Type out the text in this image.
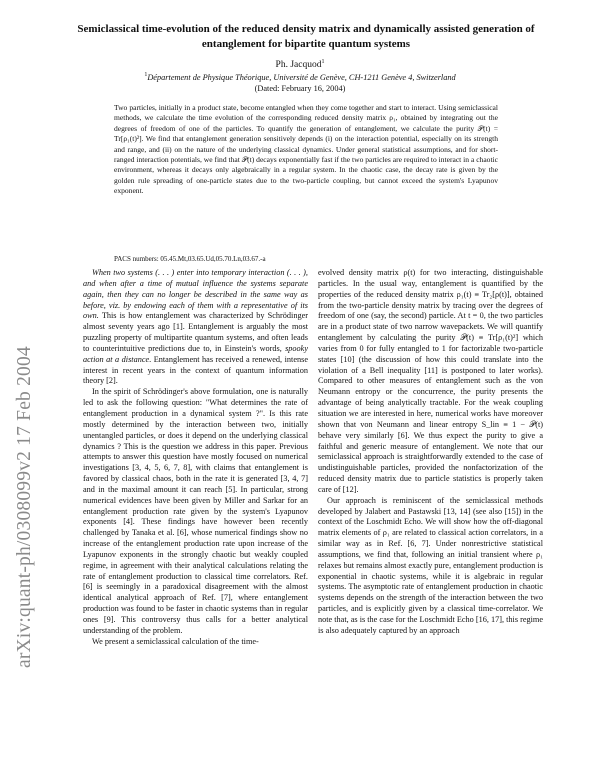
arXiv:quant-ph/0308099v2 17 Feb 2004
Semiclassical time-evolution of the reduced density matrix and dynamically assisted generation of entanglement for bipartite quantum systems
Ph. Jacquod$^1$
$^1$Département de Physique Théorique, Université de Genève, CH-1211 Genève 4, Switzerland
(Dated: February 16, 2004)
Two particles, initially in a product state, become entangled when they come together and start to interact. Using semiclassical methods, we calculate the time evolution of the corresponding reduced density matrix ρ₁, obtained by integrating out the degrees of freedom of one of the particles. To quantify the generation of entanglement, we calculate the purity 𝒫(t) = Tr[ρ₁(t)²]. We find that entanglement generation sensitively depends (i) on the interaction potential, especially on its strength and range, and (ii) on the nature of the underlying classical dynamics. Under general statistical assumptions, and for short-ranged interaction potentials, we find that 𝒫(t) decays exponentially fast if the two particles are required to interact in a chaotic environment, whereas it decays only algebraically in a regular system. In the chaotic case, the decay rate is given by the golden rule spreading of one-particle states due to the two-particle coupling, but cannot exceed the system's Lyapunov exponent.
PACS numbers: 05.45.Mt,03.65.Ud,05.70.Ln,03.67.-a

When two systems (. . . ) enter into temporary interaction (. . . ), and when after a time of mutual influence the systems separate again, then they can no longer be described in the same way as before, viz. by endowing each of them with a representative of its own. This is how entanglement was characterized by Schrödinger almost seventy years ago [1]. Entanglement is arguably the most puzzling property of multipartite quantum systems, and often leads to counterintuitive predictions due to, in Einstein's words, spooky action at a distance. Entanglement has received a renewed, intense interest in recent years in the context of quantum information theory [2].

In the spirit of Schrödinger's above formulation, one is naturally led to ask the following question: "What determines the rate of entanglement production in a dynamical system ?". Is this rate mostly determined by the interaction between two, initially unentangled particles, or does it depend on the underlying classical dynamics ? This is the question we address in this paper. Previous attempts to answer this question have mostly focused on numerical investigations [3, 4, 5, 6, 7, 8], with claims that entanglement is favored by classical chaos, both in the rate it is generated [3, 4, 7] and in the maximal amount it can reach [5]. In particular, strong numerical evidences have been given by Miller and Sarkar for an entanglement production rate given by the system's Lyapunov exponents [4]. These findings have however been recently challenged by Tanaka et al. [6], whose numerical findings show no increase of the entanglement production rate upon increase of the Lyapunov exponents in the strongly chaotic but weakly coupled regime, in agreement with their analytical calculations relating the rate of entanglement production to classical time correlators. Ref. [6] is seemingly in a paradoxical disagreement with the almost identical analytical approach of Ref. [7], where entanglement production was found to be faster in chaotic systems than in regular ones [9]. This controversy thus calls for a better analytical understanding of the problem.

We present a semiclassical calculation of the time-

evolved density matrix ρ(t) for two interacting, distinguishable particles. In the usual way, entanglement is quantified by the properties of the reduced density matrix ρ₁(t) ≡ Tr₂[ρ(t)], obtained from the two-particle density matrix by tracing over the degrees of freedom of one (say, the second) particle. At t = 0, the two particles are in a product state of two narrow wavepackets. We will quantify entanglement by calculating the purity 𝒫(t) ≡ Tr[ρ₁(t)²] which varies from 0 for fully entangled to 1 for factorizable two-particle states [10] (the discussion of how this could translate into the violation of a Bell inequality [11] is postponed to later works). Compared to other measures of entanglement such as the von Neumann entropy or the concurrence, the purity presents the advantage of being analytically tractable. For the weak coupling situation we are interested in here, numerical works have moreover shown that von Neumann and linear entropy S_lin ≡ 1 − 𝒫(t) behave very similarly [6]. We thus expect the purity to give a faithful and generic measure of entanglement. We note that our semiclassical approach is straightforwardly extended to the case of undistinguishable particles, provided the nonfactorization of the reduced density matrix due to particle statistics is properly taken care of [12].

Our approach is reminiscent of the semiclassical methods developed by Jalabert and Pastawski [13, 14] (see also [15]) in the context of the Loschmidt Echo. We will show how the off-diagonal matrix elements of ρ₁ are related to classical action correlators, in a similar way as in Ref. [6, 7]. Under nonrestrictive statistical assumptions, we find that, following an initial transient where ρ₁ relaxes but remains almost exactly pure, entanglement production is exponential in chaotic systems, while it is algebraic in regular systems. The asymptotic rate of entanglement production in chaotic systems depends on the strength of the interaction between the two particles, and is explicitly given by a classical time-correlator. We note that, as is the case for the Loschmidt Echo [16, 17], this regime is also adequately captured by an approach
